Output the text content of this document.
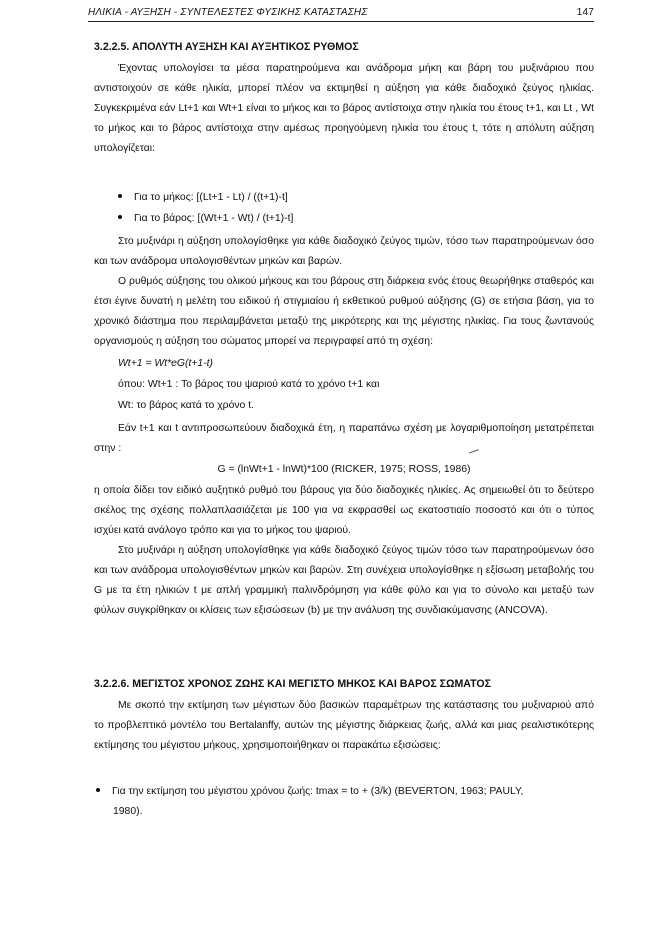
ΗΛΙΚΙΑ - ΑΥΞΗΣΗ - ΣΥΝΤΕΛΕΣΤΕΣ ΦΥΣΙΚΗΣ ΚΑΤΑΣΤΑΣΗΣ	147
3.2.2.5. ΑΠΟΛΥΤΗ ΑΥΞΗΣΗ ΚΑΙ ΑΥΞΗΤΙΚΟΣ ΡΥΘΜΟΣ

Έχοντας υπολογίσει τα μέσα παρατηρούμενα και ανάδρομα μήκη και βάρη του μυξινάριου που αντιστοιχούν σε κάθε ηλικία, μπορεί πλέον να εκτιμηθεί η αύξηση για κάθε διαδοχικό ζεύγος ηλικίας. Συγκεκριμένα εάν Lt+1 και Wt+1 είναι το μήκος και το βάρος αντίστοιχα στην ηλικία του έτους t+1, και Lt , Wt το μήκος και το βάρος αντίστοιχα στην αμέσως προηγούμενη ηλικία του έτους t, τότε η απόλυτη αύξηση υπολογίζεται:

Για το μήκος: [(Lt+1 - Lt) / ((t+1)-t]
Για το βάρος: [(Wt+1 - Wt) / (t+1)-t]

Στο μυξινάρι η αύξηση υπολογίσθηκε για κάθε διαδοχικό ζεύγος τιμών, τόσο των παρατηρούμενων όσο και των ανάδρομα υπολογισθέντων μηκών και βαρών.

Ο ρυθμός αύξησης του ολικού μήκους και του βάρους στη διάρκεια ενός έτους θεωρήθηκε σταθερός και έτσι έγινε δυνατή η μελέτη του ειδικού ή στιγμιαίου ή εκθετικού ρυθμού αύξησης (G) σε ετήσια βάση, για το χρονικό διάστημα που περιλαμβάνεται μεταξύ της μικρότερης και της μέγιστης ηλικίας. Για τους ζωντανούς οργανισμούς η αύξηση του σώματος μπορεί να περιγραφεί από τη σχέση:

Wt+1 = Wt*eG(t+1-t)
όπου: Wt+1 : Το βάρος του ψαριού κατά το χρόνο t+1 και
Wt: το βάρος κατά το χρόνο t.

Εάν t+1 και t αντιπροσωπεύουν διαδοχικά έτη, η παραπάνω σχέση με λογαριθμοποίηση μετατρέπεται στην :

G = (lnWt+1 - lnWt)*100 (RICKER, 1975; ROSS, 1986)

η οποία δίδει τον ειδικό αυξητικό ρυθμό του βάρους για δύο διαδοχικές ηλικίες. Ας σημειωθεί ότι το δεύτερο σκέλος της σχέσης πολλαπλασιάζεται με 100 για να εκφρασθεί ως εκατοστιαίο ποσοστό και ότι ο τύπος ισχύει κατά ανάλογο τρόπο και για το μήκος του ψαριού.

Στο μυξινάρι η αύξηση υπολογίσθηκε για κάθε διαδοχικό ζεύγος τιμών τόσο των παρατηρούμενων όσο και των ανάδρομα υπολογισθέντων μηκών και βαρών. Στη συνέχεια υπολογίσθηκε η εξίσωση μεταβολής του G με τα έτη ηλικιών t με απλή γραμμική παλινδρόμηση για κάθε φύλο και για το σύνολο και μεταξύ των φύλων συγκρίθηκαν οι κλίσεις των εξισώσεων (b) με την ανάλυση της συνδιακύμανσης (ANCOVA).

3.2.2.6. ΜΕΓΙΣΤΟΣ ΧΡΟΝΟΣ ΖΩΗΣ ΚΑΙ ΜΕΓΙΣΤΟ ΜΗΚΟΣ ΚΑΙ ΒΑΡΟΣ ΣΩΜΑΤΟΣ

Με σκοπό την εκτίμηση των μέγιστων δύο βασικών παραμέτρων της κατάστασης του μυξιναριού από το προβλεπτικό μοντέλο του Bertalanffy, αυτών της μέγιστης διάρκειας ζωής, αλλά και μιας ρεαλιστικότερης εκτίμησης του μέγιστου μήκους, χρησιμοποιήθηκαν οι παρακάτω εξισώσεις:

Για την εκτίμηση του μέγιστου χρόνου ζωής: tmax = to + (3/k) (BEVERTON, 1963; PAULY,
1980).
